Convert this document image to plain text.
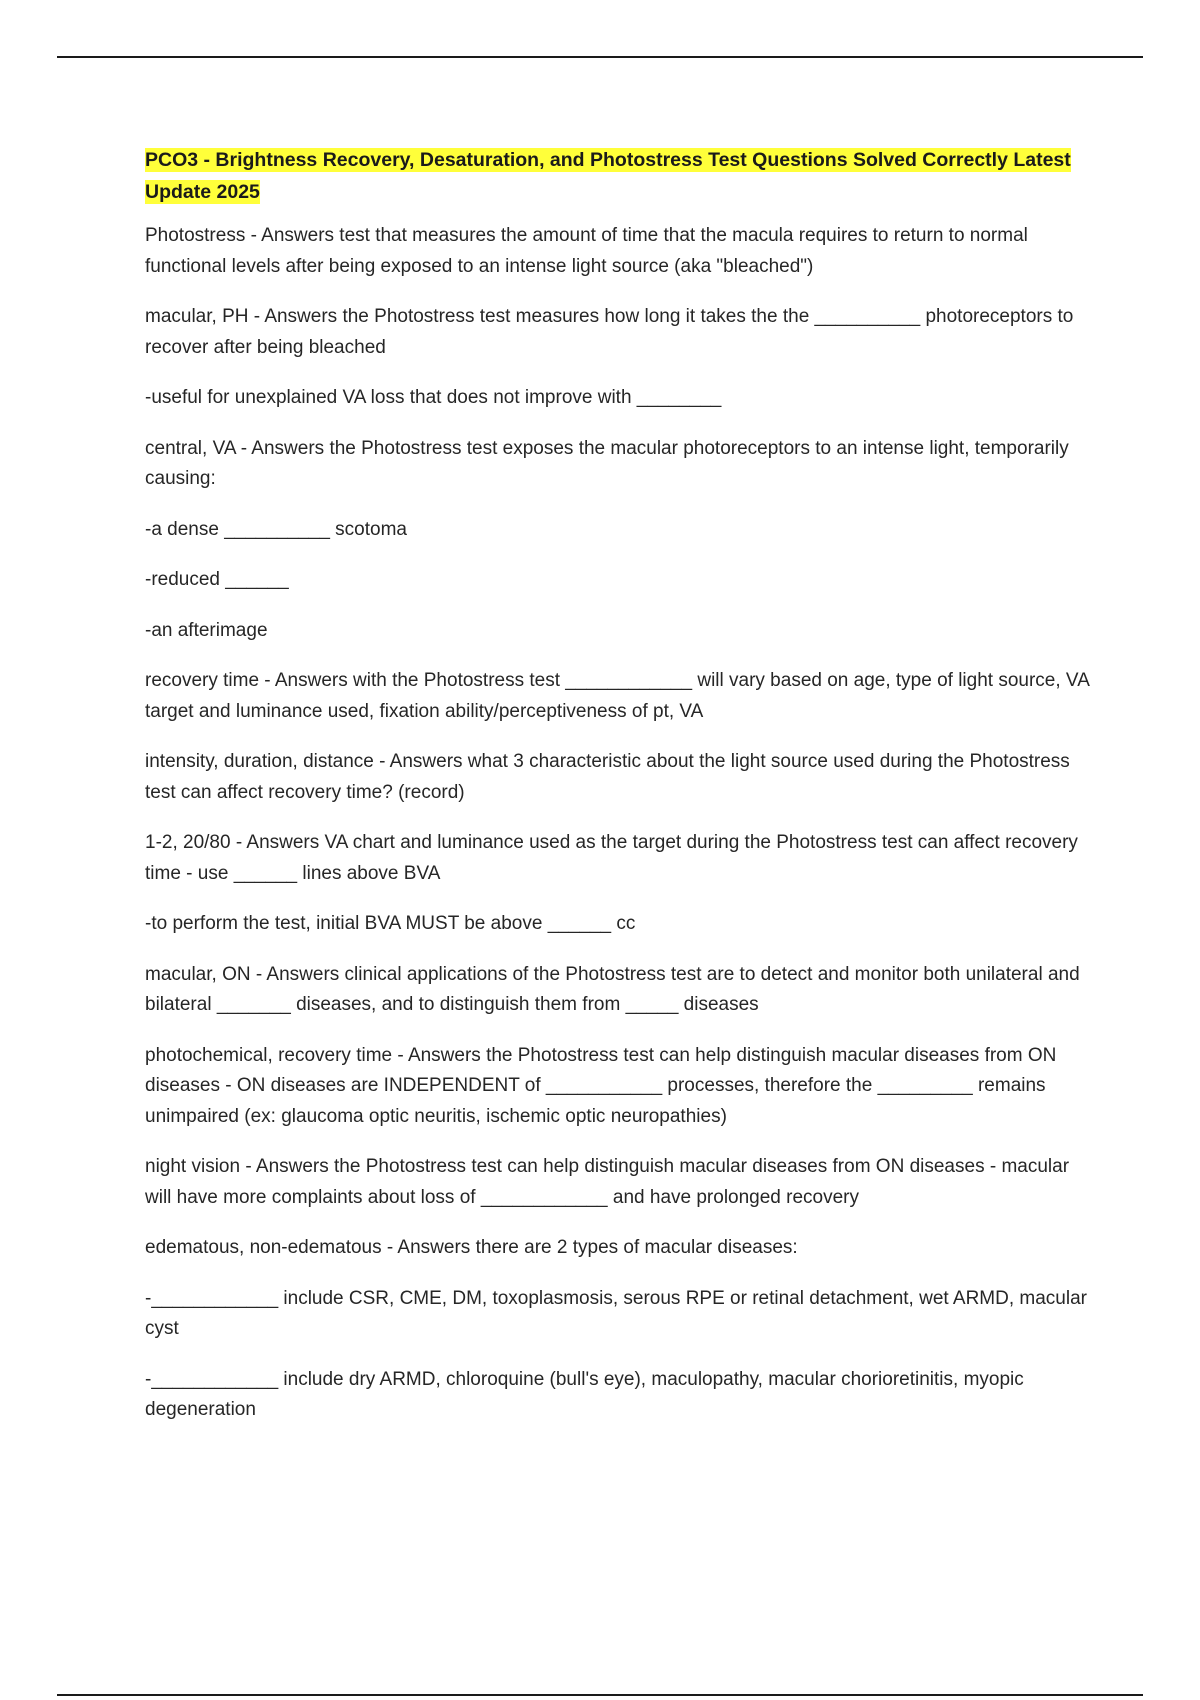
PCO3 - Brightness Recovery, Desaturation, and Photostress Test Questions Solved Correctly Latest Update 2025

Photostress - Answers test that measures the amount of time that the macula requires to return to normal functional levels after being exposed to an intense light source (aka "bleached")

macular, PH - Answers the Photostress test measures how long it takes the the __________ photoreceptors to recover after being bleached

-useful for unexplained VA loss that does not improve with ________

central, VA - Answers the Photostress test exposes the macular photoreceptors to an intense light, temporarily causing:

-a dense __________ scotoma

-reduced ______

-an afterimage

recovery time - Answers with the Photostress test ____________ will vary based on age, type of light source, VA target and luminance used, fixation ability/perceptiveness of pt, VA

intensity, duration, distance - Answers what 3 characteristic about the light source used during the Photostress test can affect recovery time? (record)

1-2, 20/80 - Answers VA chart and luminance used as the target during the Photostress test can affect recovery time - use ______ lines above BVA

-to perform the test, initial BVA MUST be above ______ cc

macular, ON - Answers clinical applications of the Photostress test are to detect and monitor both unilateral and bilateral _______ diseases, and to distinguish them from _____ diseases

photochemical, recovery time - Answers the Photostress test can help distinguish macular diseases from ON diseases - ON diseases are INDEPENDENT of ___________ processes, therefore the _________ remains unimpaired (ex: glaucoma optic neuritis, ischemic optic neuropathies)

night vision - Answers the Photostress test can help distinguish macular diseases from ON diseases - macular will have more complaints about loss of ____________ and have prolonged recovery

edematous, non-edematous - Answers there are 2 types of macular diseases:

-____________ include CSR, CME, DM, toxoplasmosis, serous RPE or retinal detachment, wet ARMD, macular cyst

-____________ include dry ARMD, chloroquine (bull's eye), maculopathy, macular chorioretinitis, myopic degeneration
